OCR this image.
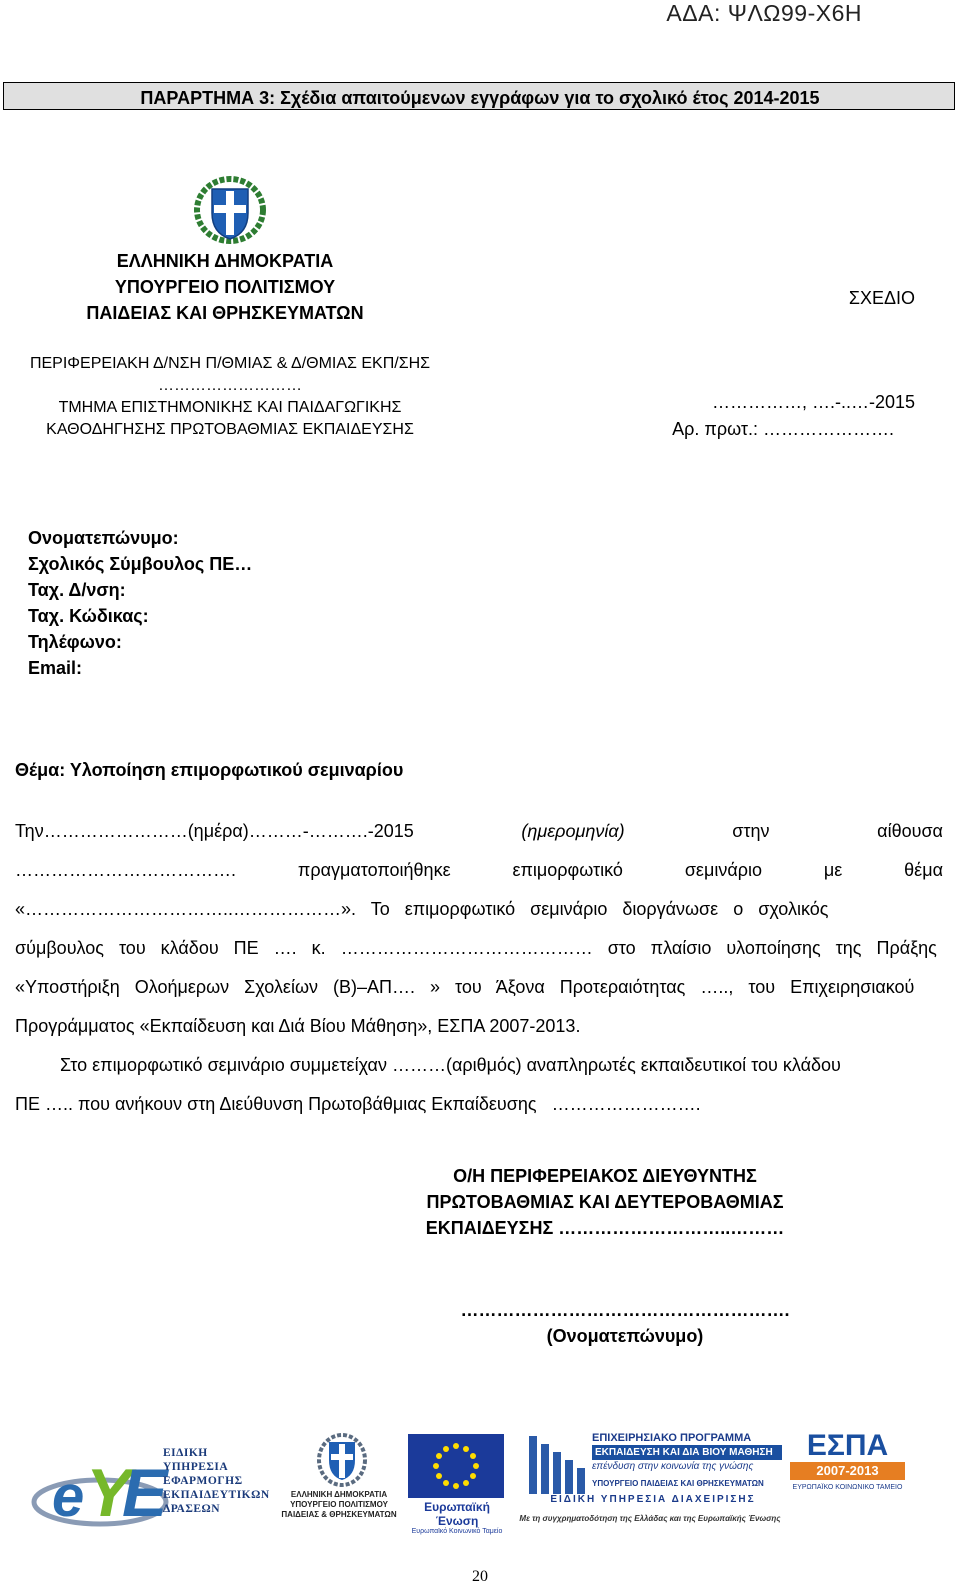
ΑΔΑ: ΨΛΩ99-Χ6Η
ΠΑΡΑΡΤΗΜΑ 3: Σχέδια απαιτούμενων εγγράφων για το σχολικό έτος 2014-2015
ΕΛΛΗΝΙΚΗ ΔΗΜΟΚΡΑΤΙΑ
ΥΠΟΥΡΓΕΙΟ ΠΟΛΙΤΙΣΜΟΥ
ΠΑΙΔΕΙΑΣ ΚΑΙ ΘΡΗΣΚΕΥΜΑΤΩΝ
ΣΧΕΔΙΟ
ΠΕΡΙΦΕΡΕΙΑΚΗ Δ/ΝΣΗ Π/ΘΜΙΑΣ & Δ/ΘΜΙΑΣ ΕΚΠ/ΣΗΣ
………………………
ΤΜΗΜΑ ΕΠΙΣΤΗΜΟΝΙΚΗΣ ΚΑΙ ΠΑΙΔΑΓΩΓΙΚΗΣ
ΚΑΘΟΔΗΓΗΣΗΣ ΠΡΩΤΟΒΑΘΜΙΑΣ ΕΚΠΑΙΔΕΥΣΗΣ
……………, ….-..…-2015
Αρ. πρωτ.: ………………….
Ονοματεπώνυμο:
Σχολικός Σύμβουλος ΠΕ…
Ταχ. Δ/νση:
Ταχ. Κώδικας:
Τηλέφωνο:
Email:
Θέμα: Υλοποίηση επιμορφωτικού σεμιναρίου
Την……………………(ημέρα)………-……….-2015	(ημερομηνία)	στην	αίθουσα
……………………………….	πραγματοποιήθηκε	επιμορφωτικό	σεμινάριο	με	θέμα
«……………………………..………………».   Το   επιμορφωτικό   σεμινάριο   διοργάνωσε   ο   σχολικός
σύμβουλος   του   κλάδου   ΠΕ   ….   κ.   ……………………………………   στο   πλαίσιο   υλοποίησης   της   Πράξης
«Υποστήριξη   Ολοήμερων   Σχολείων   (Β)–ΑΠ….   »   του   Άξονα   Προτεραιότητας   …..,   του   Επιχειρησιακού
Προγράμματος «Εκπαίδευση και Διά Βίου Μάθηση», ΕΣΠΑ 2007-2013.
Στο επιμορφωτικό σεμινάριο συμμετείχαν ………(αριθμός) αναπληρωτές εκπαιδευτικοί του κλάδου
ΠΕ ….. που ανήκουν στη Διεύθυνση Πρωτοβάθμιας Εκπαίδευσης   …………………….
Ο/Η ΠΕΡΙΦΕΡΕΙΑΚΟΣ ΔΙΕΥΘΥΝΤΗΣ
ΠΡΩΤΟΒΑΘΜΙΑΣ ΚΑΙ ΔΕΥΤΕΡΟΒΑΘΜΙΑΣ
ΕΚΠΑΙΔΕΥΣΗΣ ………………………..………
……………………………………………….
(Ονοματεπώνυμο)
e Y
E
ΕΙΔΙΚΗ
ΥΠΗΡΕΣΙΑ
ΕΦΑΡΜΟΓΗΣ
ΕΚΠΑΙΔΕΥΤΙΚΩΝ
ΔΡΑΣΕΩΝ
ΕΛΛΗΝΙΚΗ ΔΗΜΟΚΡΑΤΙΑ
ΥΠΟΥΡΓΕΙΟ ΠΟΛΙΤΙΣΜΟΥ
ΠΑΙΔΕΙΑΣ & ΘΡΗΣΚΕΥΜΑΤΩΝ
Ευρωπαϊκή Ένωση
Ευρωπαϊκό Κοινωνικό Ταμείο
ΕΠΙΧΕΙΡΗΣΙΑΚΟ ΠΡΟΓΡΑΜΜΑ
ΕΚΠΑΙΔΕΥΣΗ ΚΑΙ ΔΙΑ ΒΙΟΥ ΜΑΘΗΣΗ
επένδυση στην κοινωνία της γνώσης
ΥΠΟΥΡΓΕΙΟ ΠΑΙΔΕΙΑΣ ΚΑΙ ΘΡΗΣΚΕΥΜΑΤΩΝ
ΕΙΔΙΚΗ ΥΠΗΡΕΣΙΑ ΔΙΑΧΕΙΡΙΣΗΣ
Με τη συγχρηματοδότηση της Ελλάδας και της Ευρωπαϊκής Ένωσης
ΕΣΠΑ
2007-2013
ΕΥΡΩΠΑΪΚΟ ΚΟΙΝΩΝΙΚΟ ΤΑΜΕΙΟ
20
